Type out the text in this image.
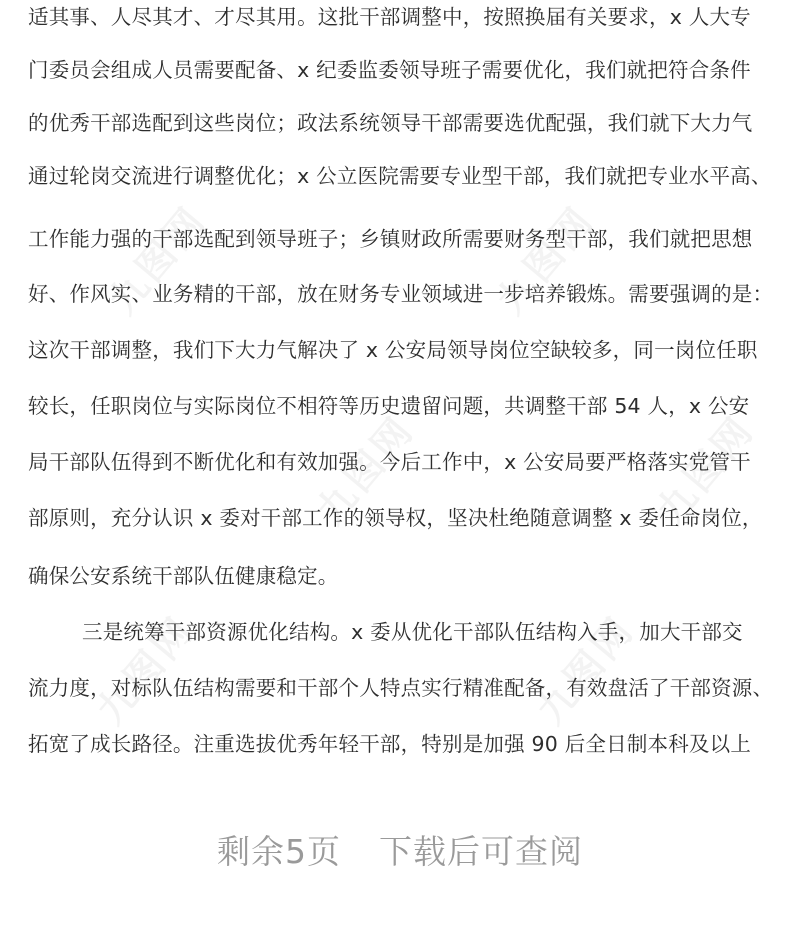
九图网	九图网
九图网	九图网
九图网	九图网
适其事、人尽其才、才尽其用。这批干部调整中，按照换届有关要求，x 人大专
门委员会组成人员需要配备、x 纪委监委领导班子需要优化，我们就把符合条件
的优秀干部选配到这些岗位；政法系统领导干部需要选优配强，我们就下大力气
通过轮岗交流进行调整优化；x 公立医院需要专业型干部，我们就把专业水平高、
工作能力强的干部选配到领导班子；乡镇财政所需要财务型干部，我们就把思想
好、作风实、业务精的干部，放在财务专业领域进一步培养锻炼。需要强调的是：
这次干部调整，我们下大力气解决了 x 公安局领导岗位空缺较多，同一岗位任职
较长，任职岗位与实际岗位不相符等历史遗留问题，共调整干部 54 人，x 公安
局干部队伍得到不断优化和有效加强。今后工作中，x 公安局要严格落实党管干
部原则，充分认识 x 委对干部工作的领导权，坚决杜绝随意调整 x 委任命岗位，
确保公安系统干部队伍健康稳定。
三是统筹干部资源优化结构。x 委从优化干部队伍结构入手，加大干部交
流力度，对标队伍结构需要和干部个人特点实行精准配备，有效盘活了干部资源、
拓宽了成长路径。注重选拔优秀年轻干部，特别是加强 90 后全日制本科及以上
剩余5页 下载后可查阅
